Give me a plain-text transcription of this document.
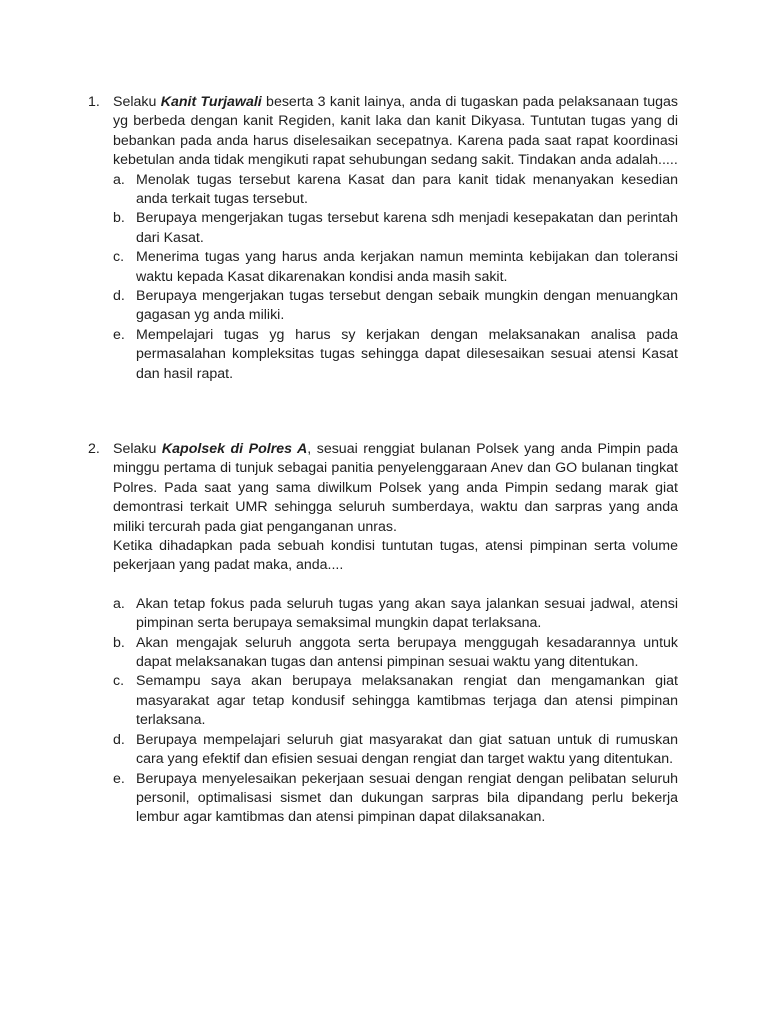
1. Selaku Kanit Turjawali beserta 3 kanit lainya, anda di tugaskan pada pelaksanaan tugas yg berbeda dengan kanit Regiden, kanit laka dan kanit Dikyasa. Tuntutan tugas yang di bebankan pada anda harus diselesaikan secepatnya. Karena pada saat rapat koordinasi kebetulan anda tidak mengikuti rapat sehubungan sedang sakit. Tindakan anda adalah.....

a. Menolak tugas tersebut karena Kasat dan para kanit tidak menanyakan kesedian anda terkait tugas tersebut.
b. Berupaya mengerjakan tugas tersebut karena sdh menjadi kesepakatan dan perintah dari Kasat.
c. Menerima tugas yang harus anda kerjakan namun meminta kebijakan dan toleransi waktu kepada Kasat dikarenakan kondisi anda masih sakit.
d. Berupaya mengerjakan tugas tersebut dengan sebaik mungkin dengan menuangkan gagasan yg anda miliki.
e. Mempelajari tugas yg harus sy kerjakan dengan melaksanakan analisa pada permasalahan kompleksitas tugas sehingga dapat dilesesaikan sesuai atensi Kasat dan hasil rapat.
2. Selaku Kapolsek di Polres A, sesuai renggiat bulanan Polsek yang anda Pimpin pada minggu pertama di tunjuk sebagai panitia penyelenggaraan Anev dan GO bulanan tingkat Polres. Pada saat yang sama diwilkum Polsek yang anda Pimpin sedang marak giat demontrasi terkait UMR sehingga seluruh sumberdaya, waktu dan sarpras yang anda miliki tercurah pada giat penganganan unras.

Ketika dihadapkan pada sebuah kondisi tuntutan tugas, atensi pimpinan serta volume pekerjaan yang padat maka, anda....

a. Akan tetap fokus pada seluruh tugas yang akan saya jalankan sesuai jadwal, atensi pimpinan serta berupaya semaksimal mungkin dapat terlaksana.
b. Akan mengajak seluruh anggota serta berupaya menggugah kesadarannya untuk dapat melaksanakan tugas dan antensi pimpinan sesuai waktu yang ditentukan.
c. Semampu saya akan berupaya melaksanakan rengiat dan mengamankan giat masyarakat agar tetap kondusif sehingga kamtibmas terjaga dan atensi pimpinan terlaksana.
d. Berupaya mempelajari seluruh giat masyarakat dan giat satuan untuk di rumuskan cara yang efektif dan efisien sesuai dengan rengiat dan target waktu yang ditentukan.
e. Berupaya menyelesaikan pekerjaan sesuai dengan rengiat dengan pelibatan seluruh personil, optimalisasi sismet dan dukungan sarpras bila dipandang perlu bekerja lembur agar kamtibmas dan atensi pimpinan dapat dilaksanakan.
